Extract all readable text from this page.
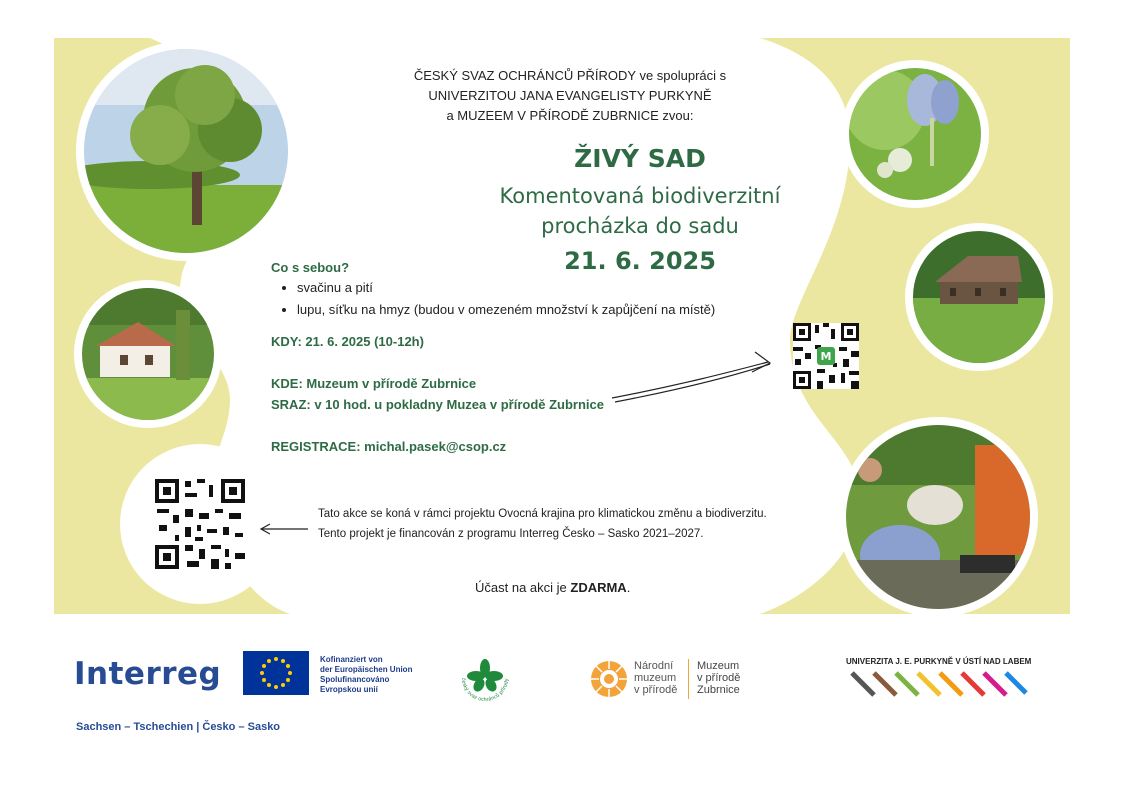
M
ČESKÝ SVAZ OCHRÁNCŮ PŘÍRODY ve spolupráci s
UNIVERZITOU JANA EVANGELISTY PURKYNĚ
a MUZEEM V PŘÍRODĚ ZUBRNICE zvou:
ŽIVÝ SAD
Komentovaná biodiverzitní
procházka do sadu
21. 6. 2025
Co s sebou?
• svačinu a pití
• lupu, síťku na hmyz (budou v omezeném množství k zapůjčení na místě)
KDY: 21. 6. 2025 (10-12h)
KDE: Muzeum v přírodě Zubrnice
SRAZ: v 10 hod. u pokladny Muzea v přírodě Zubrnice
REGISTRACE: michal.pasek@csop.cz
Tato akce se koná v rámci projektu Ovocná krajina pro klimatickou změnu a biodiverzitu.
Tento projekt je financován z programu Interreg Česko – Sasko 2021–2027.
Účast na akci je ZDARMA.
Interreg
Sachsen – Tschechien | Česko – Sasko
Kofinanziert von
der Europäischen Union
Spolufinancováno
Evropskou unií
český svaz ochránců přírody
Národní
muzeum
v přírodě
Muzeum
v přírodě
Zubrnice
UNIVERZITA J. E. PURKYNĚ V ÚSTÍ NAD LABEM
